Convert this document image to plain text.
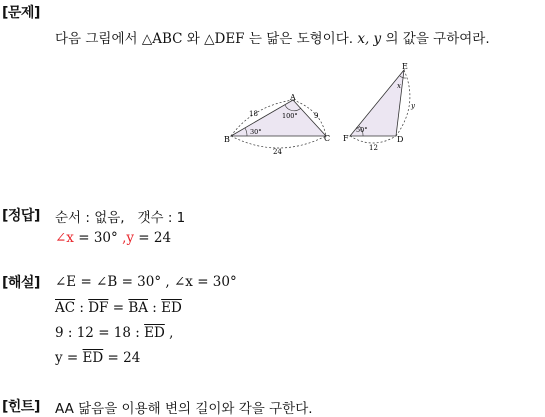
[문제]
다음 그림에서 △ABC 와 △DEF 는 닮은 도형이다. x, y 의 값을 구하여라.
A
B	C
18	9
24
100°
30°
E
F	D
x
y
12
50°
[정답] 순서 : 없음, 갯수 : 1
∠x = 30° ,y = 24
[해설] ∠E = ∠B = 30° , ∠x = 30°
$\overline{AC}$ : $\overline{DF} = \overline{BA}$ : $\overline{ED}$
9 : 12 = 18 : $\overline{ED}$ ,
$y = \overline{ED} = 24$
[힌트] AA 닮음을 이용해 변의 길이와 각을 구한다.
